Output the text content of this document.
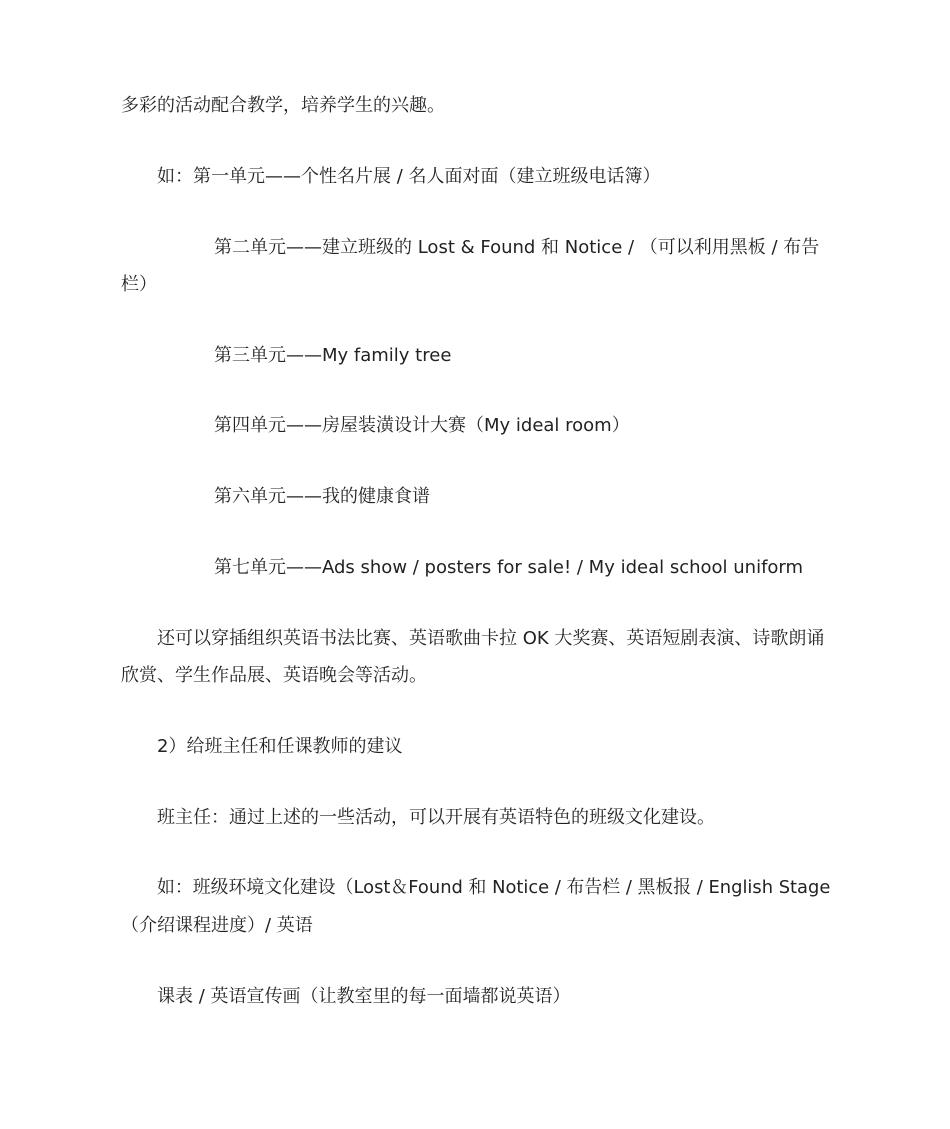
多彩的活动配合教学，培养学生的兴趣。

如：第一单元——个性名片展 / 名人面对面（建立班级电话簿）

第二单元——建立班级的 Lost & Found 和 Notice / （可以利用黑板 / 布告

栏）

第三单元——My family tree

第四单元——房屋装潢设计大赛（My ideal room）

第六单元——我的健康食谱

第七单元——Ads show / posters for sale! / My ideal school uniform

还可以穿插组织英语书法比赛、英语歌曲卡拉 OK 大奖赛、英语短剧表演、诗歌朗诵

欣赏、学生作品展、英语晚会等活动。

2）给班主任和任课教师的建议

班主任：通过上述的一些活动，可以开展有英语特色的班级文化建设。

如：班级环境文化建设（Lost＆Found 和 Notice / 布告栏 / 黑板报 / English Stage

（介绍课程进度）/ 英语

课表 / 英语宣传画（让教室里的每一面墙都说英语）
